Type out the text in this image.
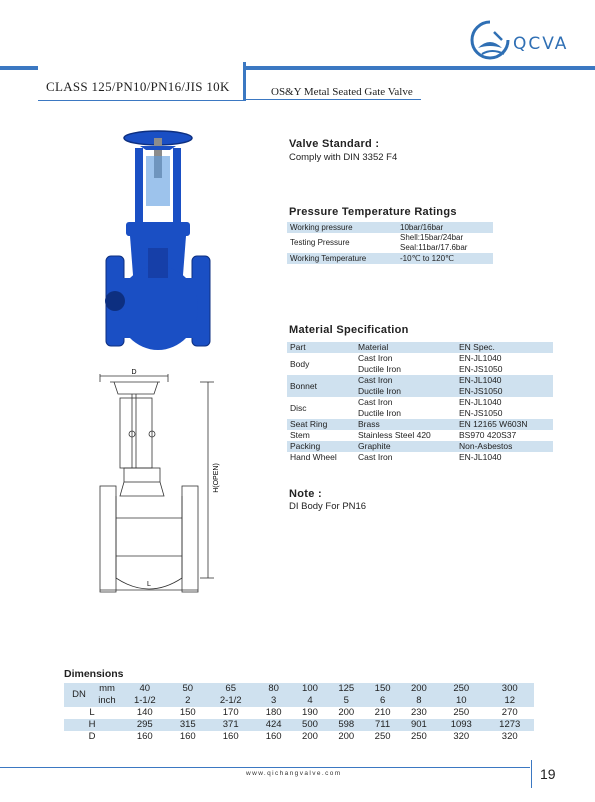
QCVA
CLASS 125/PN10/PN16/JIS 10K	OS&Y Metal Seated Gate Valve
D
H(OPEN)
L
Valve Standard :
Comply with DIN 3352 F4
Pressure Temperature Ratings
Working pressure	10bar/16bar
Testing Pressure	Shell:15bar/24bar
Seal:11bar/17.6bar

Working Temperature	-10℃ to 120℃
Material Specification
Part	Material	EN Spec.
Body	Cast Iron	EN-JL1040
	Ductile Iron	EN-JS1050
Bonnet	Cast Iron	EN-JL1040
	Ductile Iron	EN-JS1050
Disc	Cast Iron	EN-JL1040
	Ductile Iron	EN-JS1050
Seat Ring	Brass	EN 12165 W603N
Stem	Stainless Steel 420	BS970 420S37
Packing	Graphite	Non-Asbestos
Hand Wheel	Cast Iron	EN-JL1040
Note :
DI Body For PN16
Dimensions
DN	mm	40	50	65	80	100	125	150	200	250	300
	inch	1-1/2	2	2-1/2	3	4	5	6	8	10	12
L		140	150	170	180	190	200	210	230	250	270
H		295	315	371	424	500	598	711	901	1093	1273
D		160	160	160	160	200	200	250	250	320	320
www.qichangvalve.com	19
